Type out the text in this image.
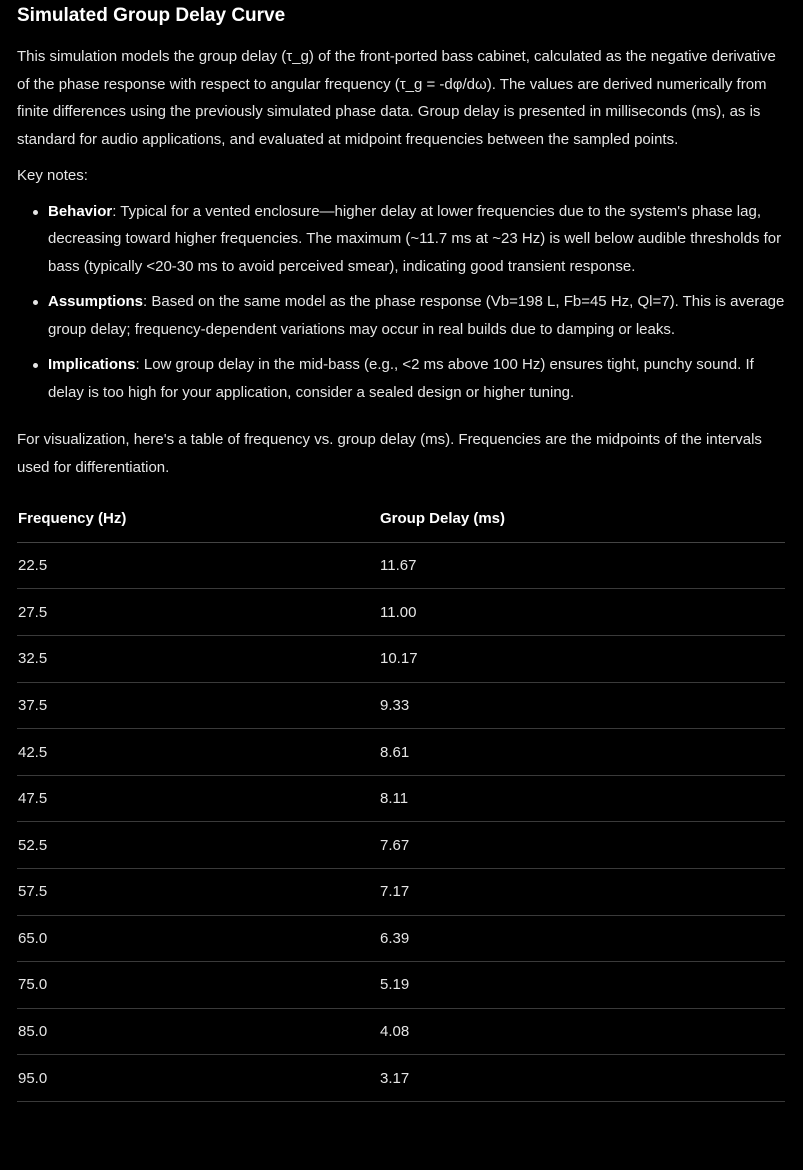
Simulated Group Delay Curve

This simulation models the group delay (τ_g) of the front-ported bass cabinet, calculated as the negative derivative of the phase response with respect to angular frequency (τ_g = -dφ/dω). The values are derived numerically from finite differences using the previously simulated phase data. Group delay is presented in milliseconds (ms), as is standard for audio applications, and evaluated at midpoint frequencies between the sampled points.

Key notes:

Behavior: Typical for a vented enclosure—higher delay at lower frequencies due to the system's phase lag, decreasing toward higher frequencies. The maximum (~11.7 ms at ~23 Hz) is well below audible thresholds for bass (typically <20-30 ms to avoid perceived smear), indicating good transient response.
Assumptions: Based on the same model as the phase response (Vb=198 L, Fb=45 Hz, Ql=7). This is average group delay; frequency-dependent variations may occur in real builds due to damping or leaks.
Implications: Low group delay in the mid-bass (e.g., <2 ms above 100 Hz) ensures tight, punchy sound. If delay is too high for your application, consider a sealed design or higher tuning.

For visualization, here's a table of frequency vs. group delay (ms). Frequencies are the midpoints of the intervals used for differentiation.

Frequency (Hz)	Group Delay (ms)
22.5	11.67
27.5	11.00
32.5	10.17
37.5	9.33
42.5	8.61
47.5	8.11
52.5	7.67
57.5	7.17
65.0	6.39
75.0	5.19
85.0	4.08
95.0	3.17
